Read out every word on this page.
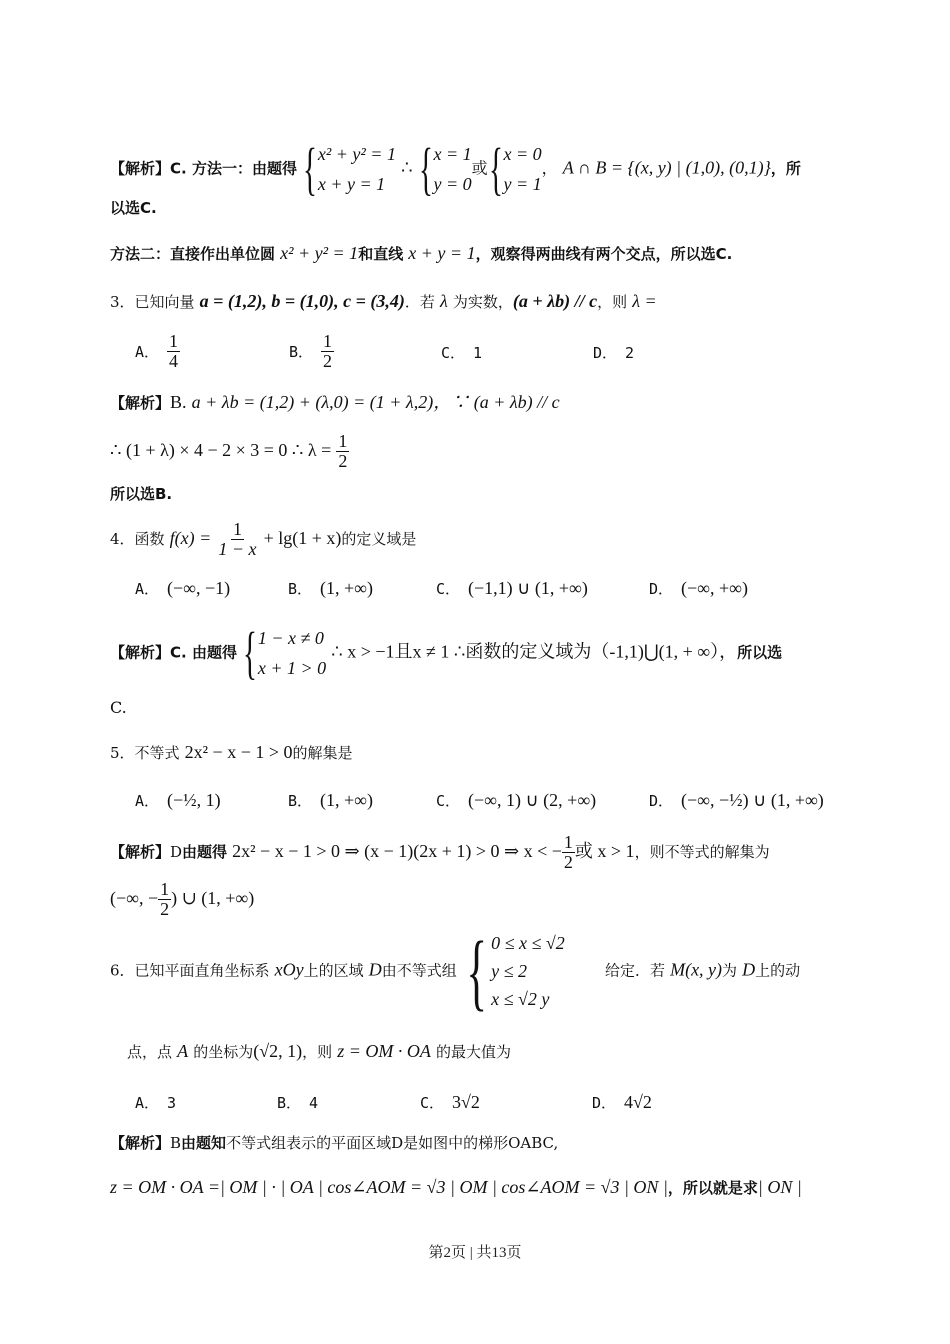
【解析】C. 方法一：由题得 { x² + y² = 1
x + y = 1
∴ { x = 1
y = 0
或 { x = 0
y = 1
， A ∩ B = {(x, y) | (1,0), (0,1)}，所
以选C.
方法二：直接作出单位圆 x² + y² = 1和直线 x + y = 1，观察得两曲线有两个交点，所以选C.
3．已知向量 a = (1,2), b = (1,0), c = (3,4)．若 λ 为实数，(a + λb) // c，则 λ =
A． $\frac{1}{4}$	B． $\frac{1}{2}$	C． 1	D． 2
【解析】B. a + λb = (1,2) + (λ,0) = (1 + λ,2)，∵ (a + λb) // c
∴ (1 + λ) × 4 − 2 × 3 = 0 ∴ $\lambda = \frac{1}{2}$
所以选B.
4．函数 $f(x) = \frac{1}{1 - x} + \lg(1 + x)$的定义域是
A． (−∞, −1)	B． (1, +∞)	C． (−1,1) ∪ (1, +∞)	D． (−∞, +∞)
【解析】C. 由题得 { 1 − x ≠ 0
x + 1 > 0
∴ x > −1且x ≠ 1 ∴函数的定义域为（-1,1)⋃(1, + ∞），所以选
C.
5．不等式 2x² − x − 1 > 0的解集是
A． (−½, 1)	B． (1, +∞)	C． (−∞, 1) ∪ (2, +∞)	D． (−∞, −½) ∪ (1, +∞)
【解析】D由题得 2x² − x − 1 > 0 ⇒ (x − 1)(2x + 1) > 0 ⇒ x < − $\frac{1}{2}$ 或 x > 1，则不等式的解集为
(−∞, − $\frac{1}{2}$ ) ∪ (1, +∞)
6．已知平面直角坐标系 xOy上的区域 D由不等式组 { 0 ≤ x ≤ √2
y ≤ 2
x ≤ √2 y
给定．若 M(x, y)为 D上的动
点，点 A 的坐标为(√2, 1)，则 z = OM · OA 的最大值为
A． 3	B． 4	C． 3√2	D． 4√2
【解析】B由题知不等式组表示的平面区域D是如图中的梯形OABC,
z = OM · OA =| OM | · | OA | cos∠AOM = √3 | OM | cos∠AOM = √3 | ON |，所以就是求| ON |
第2页 | 共13页
